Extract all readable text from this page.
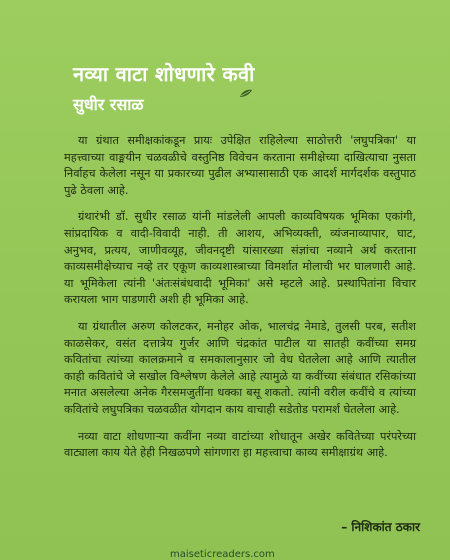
नव्या वाटा शोधणारे कवी
सुधीर रसाळ

या ग्रंथात समीक्षकांकडून प्रायः उपेक्षित राहिलेल्या साठोत्तरी 'लघुपत्रिका' या महत्त्वाच्या वाङ्मयीन चळवळीचे वस्तुनिष्ठ विवेचन करताना समीक्षेच्या दाखित्याचा नुसता निर्वाहच केलेला नसून या प्रकारच्या पुढील अभ्यासासाठी एक आदर्श मार्गदर्शक वस्तुपाठ पुढे ठेवला आहे.

ग्रंथारंभी डॉ. सुधीर रसाळ यांनी मांडलेली आपली काव्यविषयक भूमिका एकांगी, सांप्रदायिक व वादी-विवादी नाही. ती आशय, अभिव्यक्ती, व्यंजनाव्यापार, घाट, अनुभव, प्रत्यय, जाणीवव्यूह, जीवनदृष्टी यांसारख्या संज्ञांचा नव्याने अर्थ करताना काव्यसमीक्षेच्याच नव्हे तर एकूण काव्यशास्त्राच्या विमर्शात मोलाची भर घालणारी आहे. या भूमिकेला त्यांनी 'अंतःसंबंधवादी भूमिका' असे म्हटले आहे. प्रस्थापितांना विचार करायला भाग पाडणारी अशी ही भूमिका आहे.

या ग्रंथातील अरुण कोलटकर, मनोहर ओक, भालचंद्र नेमाडे, तुलसी परब, सतीश काळसेकर, वसंत दत्तात्रेय गुर्जर आणि चंद्रकांत पाटील या सातही कवींच्या समग्र कवितांचा त्यांच्या कालक्रमाने व समकालानुसार जो वेध घेतलेला आहे आणि त्यातील काही कवितांचे जे सखोल विश्लेषण केलेले आहे त्यामुळे या कवींच्या संबंधात रसिकांच्या मनात असलेल्या अनेक गैरसमजुतींना धक्का बसू शकतो. त्यांनी वरील कवींचे व त्यांच्या कवितांचे लघुपत्रिका चळवळीत योगदान काय वाचाही सडेतोड परामर्श घेतलेला आहे.

नव्या वाटा शोधणाऱ्या कवींना नव्या वाटांच्या शोधातून अखेर कवितेच्या परंपरेच्या वाट्याला काय येते हेही निखळपणे सांगणारा हा महत्त्वाचा काव्य समीक्षाग्रंथ आहे.

– निशिकांत ठकार
maiseticreaders.com
